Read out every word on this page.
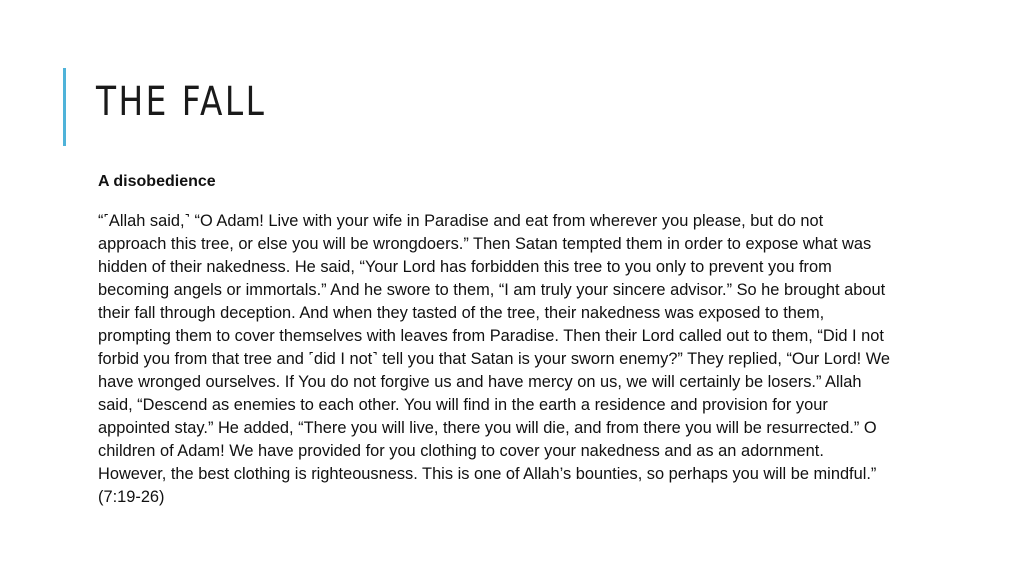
THE FALL

A disobedience

“˹Allah said,˺ “O Adam! Live with your wife in Paradise and eat from wherever you please, but do not approach this tree, or else you will be wrongdoers.” Then Satan tempted them in order to expose what was hidden of their nakedness. He said, “Your Lord has forbidden this tree to you only to prevent you from becoming angels or immortals.” And he swore to them, “I am truly your sincere advisor.” So he brought about their fall through deception. And when they tasted of the tree, their nakedness was exposed to them, prompting them to cover themselves with leaves from Paradise. Then their Lord called out to them, “Did I not forbid you from that tree and ˹did I not˺ tell you that Satan is your sworn enemy?” They replied, “Our Lord! We have wronged ourselves. If You do not forgive us and have mercy on us, we will certainly be losers.” Allah said, “Descend as enemies to each other. You will find in the earth a residence and provision for your appointed stay.” He added, “There you will live, there you will die, and from there you will be resurrected.” O children of Adam! We have provided for you clothing to cover your nakedness and as an adornment. However, the best clothing is righteousness. This is one of Allah’s bounties, so perhaps you will be mindful.” (7:19-26)
